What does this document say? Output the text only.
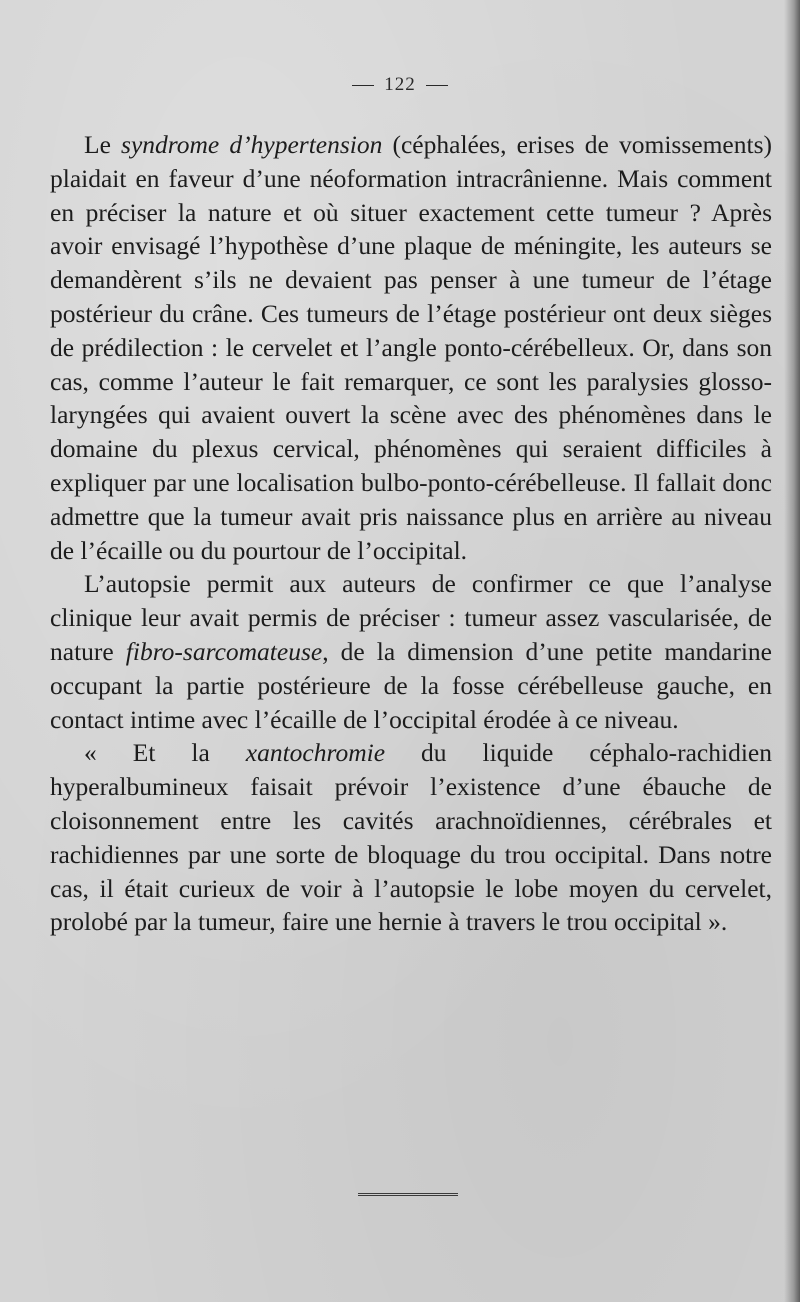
122

Le syndrome d’hypertension (céphalées, erises de vomissements) plaidait en faveur d’une néoformation intracrânienne. Mais comment en préciser la nature et où situer exactement cette tumeur ? Après avoir envisagé l’hypothèse d’une plaque de méningite, les auteurs se demandèrent s’ils ne devaient pas penser à une tumeur de l’étage postérieur du crâne. Ces tumeurs de l’étage postérieur ont deux sièges de prédilection : le cervelet et l’angle ponto-cérébelleux. Or, dans son cas, comme l’auteur le fait remarquer, ce sont les paralysies glosso-laryngées qui avaient ouvert la scène avec des phénomènes dans le domaine du plexus cervical, phénomènes qui seraient difficiles à expliquer par une localisation bulbo-ponto-cérébelleuse. Il fallait donc admettre que la tumeur avait pris naissance plus en arrière au niveau de l’écaille ou du pourtour de l’occipital.

L’autopsie permit aux auteurs de confirmer ce que l’analyse clinique leur avait permis de préciser : tumeur assez vascularisée, de nature fibro-sarcomateuse, de la dimension d’une petite mandarine occupant la partie postérieure de la fosse cérébelleuse gauche, en contact intime avec l’écaille de l’occipital érodée à ce niveau.

« Et la xantochromie du liquide céphalo-rachidien hyperalbumineux faisait prévoir l’existence d’une ébauche de cloisonnement entre les cavités arachnoïdiennes, cérébrales et rachidiennes par une sorte de bloquage du trou occipital. Dans notre cas, il était curieux de voir à l’autopsie le lobe moyen du cervelet, prolobé par la tumeur, faire une hernie à travers le trou occipital ».
